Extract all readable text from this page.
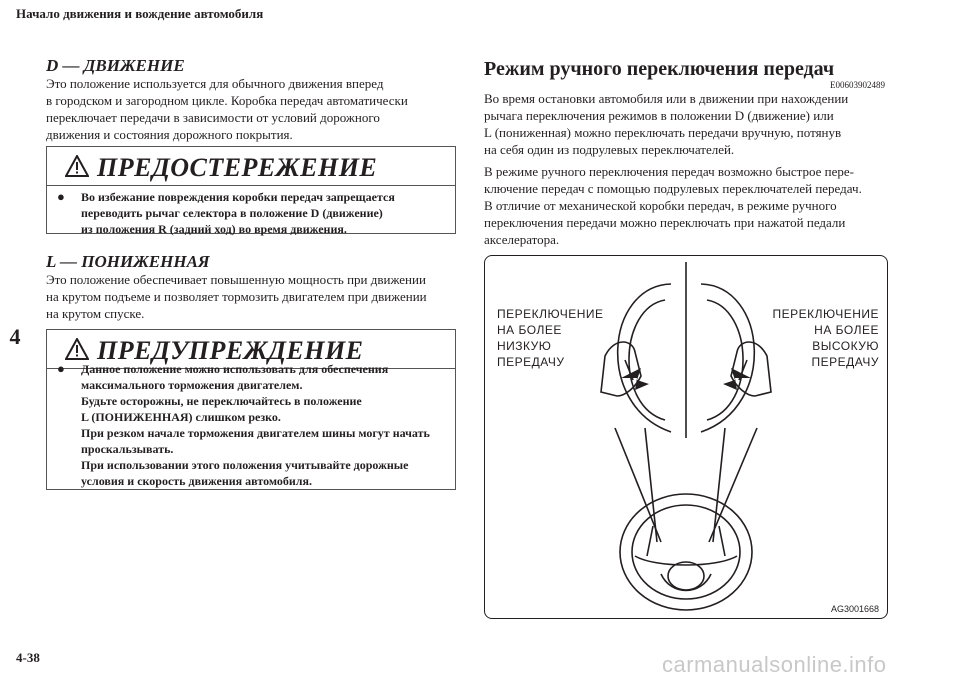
Начало движения и вождение автомобиля
4
D — ДВИЖЕНИЕ
Это положение используется для обычного движения вперед
в городском и загородном цикле. Коробка передач автоматически
переключает передачи в зависимости от условий дорожного
движения и состояния дорожного покрытия.
ПРЕДОСТЕРЕЖЕНИЕ
● Во избежание повреждения коробки передач запрещается
переводить рычаг селектора в положение D (движение)
из положения R (задний ход) во время движения.
L — ПОНИЖЕННАЯ
Это положение обеспечивает повышенную мощность при движении
на крутом подъеме и позволяет тормозить двигателем при движении
на крутом спуске.
ПРЕДУПРЕЖДЕНИЕ
● Данное положение можно использовать для обеспечения
максимального торможения двигателем.
Будьте осторожны, не переключайтесь в положение
L (ПОНИЖЕННАЯ) слишком резко.
При резком начале торможения двигателем шины могут начать
проскальзывать.
При использовании этого положения учитывайте дорожные
условия и скорость движения автомобиля.
Режим ручного переключения передач
E00603902489
Во время остановки автомобиля или в движении при нахождении
рычага переключения режимов в положении D (движение) или
L (пониженная) можно переключать передачи вручную, потянув
на себя один из подрулевых переключателей.
В режиме ручного переключения передач возможно быстрое пере-
ключение передач с помощью подрулевых переключателей передач.
В отличие от механической коробки передач, в режиме ручного
переключения передачи можно переключать при нажатой педали
акселератора.
ПЕРЕКЛЮЧЕНИЕ
НА БОЛЕЕ
НИЗКУЮ
ПЕРЕДАЧУ
ПЕРЕКЛЮЧЕНИЕ
НА БОЛЕЕ
ВЫСОКУЮ
ПЕРЕДАЧУ
AG3001668
4-38	carmanualsonline.info
